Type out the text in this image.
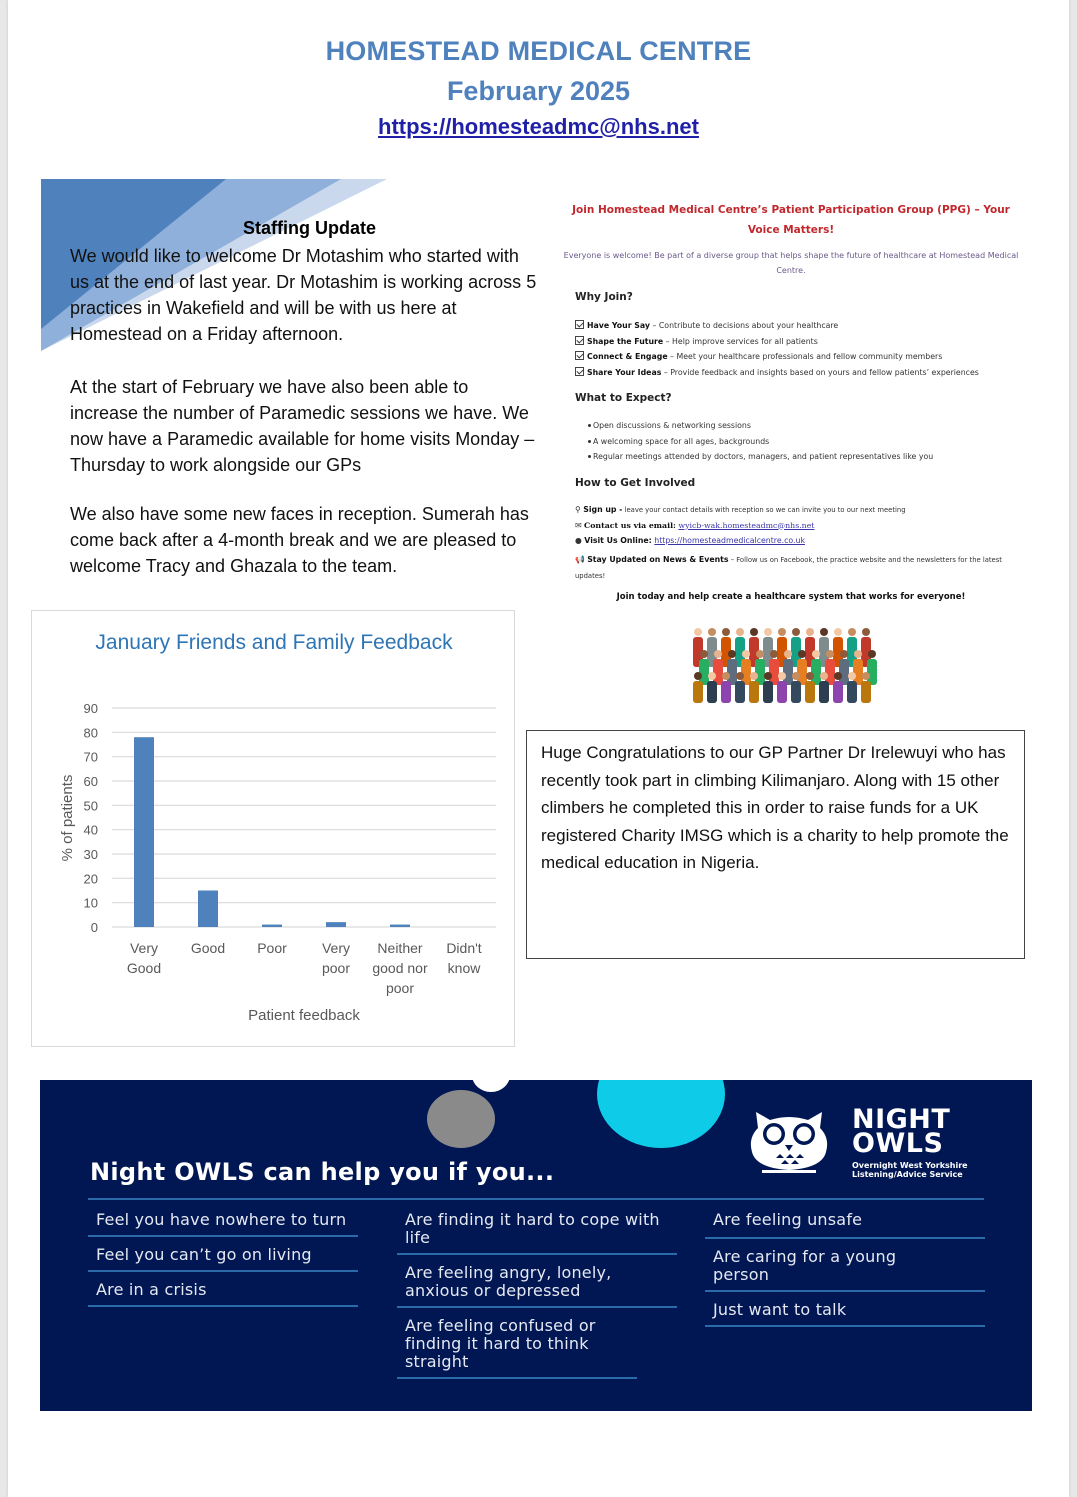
HOMESTEAD MEDICAL CENTRE
February 2025
https://homesteadmc@nhs.net
Staffing Update
We would like to welcome Dr Motashim who started with us at the end of last year. Dr Motashim is working across 5 practices in Wakefield and will be with us here at Homestead on a Friday afternoon.
At the start of February we have also been able to increase the number of Paramedic sessions we have. We now have a Paramedic available for home visits Monday – Thursday to work alongside our GPs
We also have some new faces in reception. Sumerah has come back after a 4-month break and we are pleased to welcome Tracy and Ghazala to the team.
Join Homestead Medical Centre’s Patient Participation Group (PPG) – Your Voice Matters!
Everyone is welcome! Be part of a diverse group that helps shape the future of healthcare at Homestead Medical Centre.
Why Join?
Have Your Say – Contribute to decisions about your healthcare
Shape the Future – Help improve services for all patients
Connect & Engage – Meet your healthcare professionals and fellow community members
Share Your Ideas – Provide feedback and insights based on yours and fellow patients’ experiences
What to Expect?
Open discussions & networking sessions
A welcoming space for all ages, backgrounds
Regular meetings attended by doctors, managers, and patient representatives like you
How to Get Involved
⚲ Sign up - leave your contact details with reception so we can invite you to our next meeting
✉ Contact us via email: wyicb-wak.homesteadmc@nhs.net
● Visit Us Online: https://homesteadmedicalcentre.co.uk
📢 Stay Updated on News & Events – Follow us on Facebook, the practice website and the newsletters for the latest updates!
Join today and help create a healthcare system that works for everyone!
January Friends and Family Feedback
0
10
20
30
40
50
60
70
80
90
Very
Good
Good Poor	Very
poor
Neither
good nor
poor
Didn't
know
Patient feedback
% of patients
Huge Congratulations to our GP Partner Dr Irelewuyi who has recently took part in climbing Kilimanjaro. Along with 15 other climbers he completed this in order to raise funds for a UK registered Charity IMSG which is a charity to help promote the medical education in Nigeria.
NIGHT
OWLS
Overnight West Yorkshire
Listening/Advice Service
Night OWLS can help you if you...
Feel you have nowhere to turn
Feel you can’t go on living
Are in a crisis
Are finding it hard to cope with life
Are feeling angry, lonely, anxious or depressed
Are feeling confused or finding it hard to think straight
Are feeling unsafe
Are caring for a young person
Just want to talk
